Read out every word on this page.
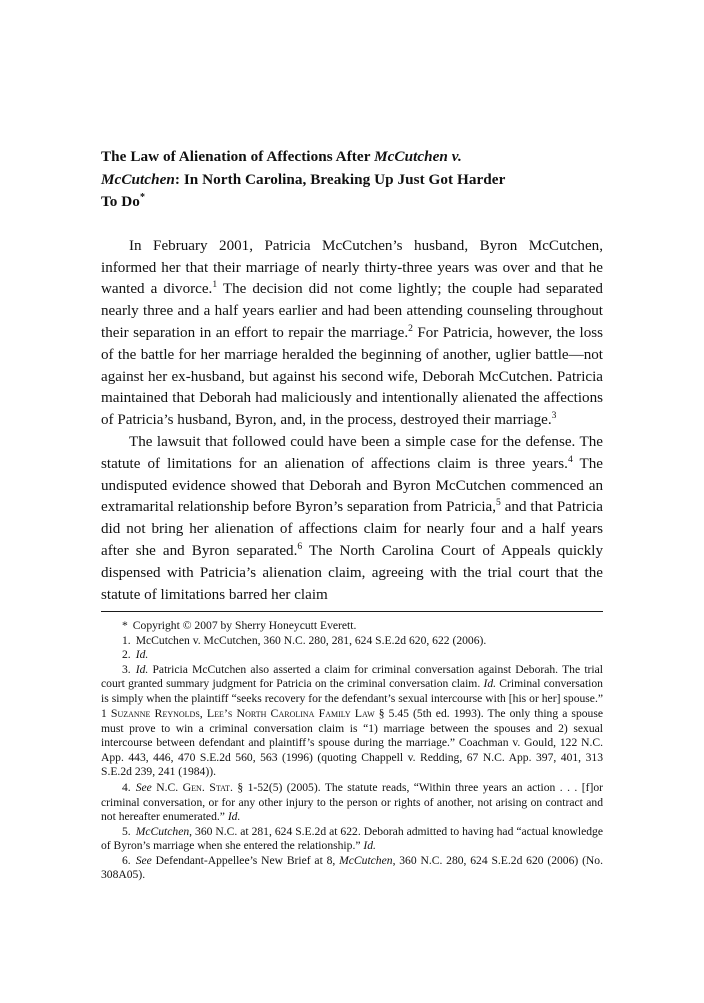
The Law of Alienation of Affections After McCutchen v.
McCutchen: In North Carolina, Breaking Up Just Got Harder
To Do*

In February 2001, Patricia McCutchen’s husband, Byron McCutchen, informed her that their marriage of nearly thirty-three years was over and that he wanted a divorce.$^1$ The decision did not come lightly; the couple had separated nearly three and a half years earlier and had been attending counseling throughout their separation in an effort to repair the marriage.$^2$ For Patricia, however, the loss of the battle for her marriage heralded the beginning of another, uglier battle—not against her ex-husband, but against his second wife, Deborah McCutchen. Patricia maintained that Deborah had maliciously and intentionally alienated the affections of Patricia’s husband, Byron, and, in the process, destroyed their marriage.$^3$

The lawsuit that followed could have been a simple case for the defense. The statute of limitations for an alienation of affections claim is three years.$^4$ The undisputed evidence showed that Deborah and Byron McCutchen commenced an extramarital relationship before Byron’s separation from Patricia,$^5$ and that Patricia did not bring her alienation of affections claim for nearly four and a half years after she and Byron separated.$^6$ The North Carolina Court of Appeals quickly dispensed with Patricia’s alienation claim, agreeing with the trial court that the statute of limitations barred her claim

* Copyright © 2007 by Sherry Honeycutt Everett.

1. McCutchen v. McCutchen, 360 N.C. 280, 281, 624 S.E.2d 620, 622 (2006).

2. Id.

3. Id. Patricia McCutchen also asserted a claim for criminal conversation against Deborah. The trial court granted summary judgment for Patricia on the criminal conversation claim. Id. Criminal conversation is simply when the plaintiff “seeks recovery for the defendant’s sexual intercourse with [his or her] spouse.” 1 Suzanne Reynolds, Lee’s North Carolina Family Law § 5.45 (5th ed. 1993). The only thing a spouse must prove to win a criminal conversation claim is “1) marriage between the spouses and 2) sexual intercourse between defendant and plaintiff’s spouse during the marriage.” Coachman v. Gould, 122 N.C. App. 443, 446, 470 S.E.2d 560, 563 (1996) (quoting Chappell v. Redding, 67 N.C. App. 397, 401, 313 S.E.2d 239, 241 (1984)).

4. See N.C. Gen. Stat. § 1-52(5) (2005). The statute reads, “Within three years an action . . . [f]or criminal conversation, or for any other injury to the person or rights of another, not arising on contract and not hereafter enumerated.” Id.

5. McCutchen, 360 N.C. at 281, 624 S.E.2d at 622. Deborah admitted to having had “actual knowledge of Byron’s marriage when she entered the relationship.” Id.

6. See Defendant-Appellee’s New Brief at 8, McCutchen, 360 N.C. 280, 624 S.E.2d 620 (2006) (No. 308A05).
